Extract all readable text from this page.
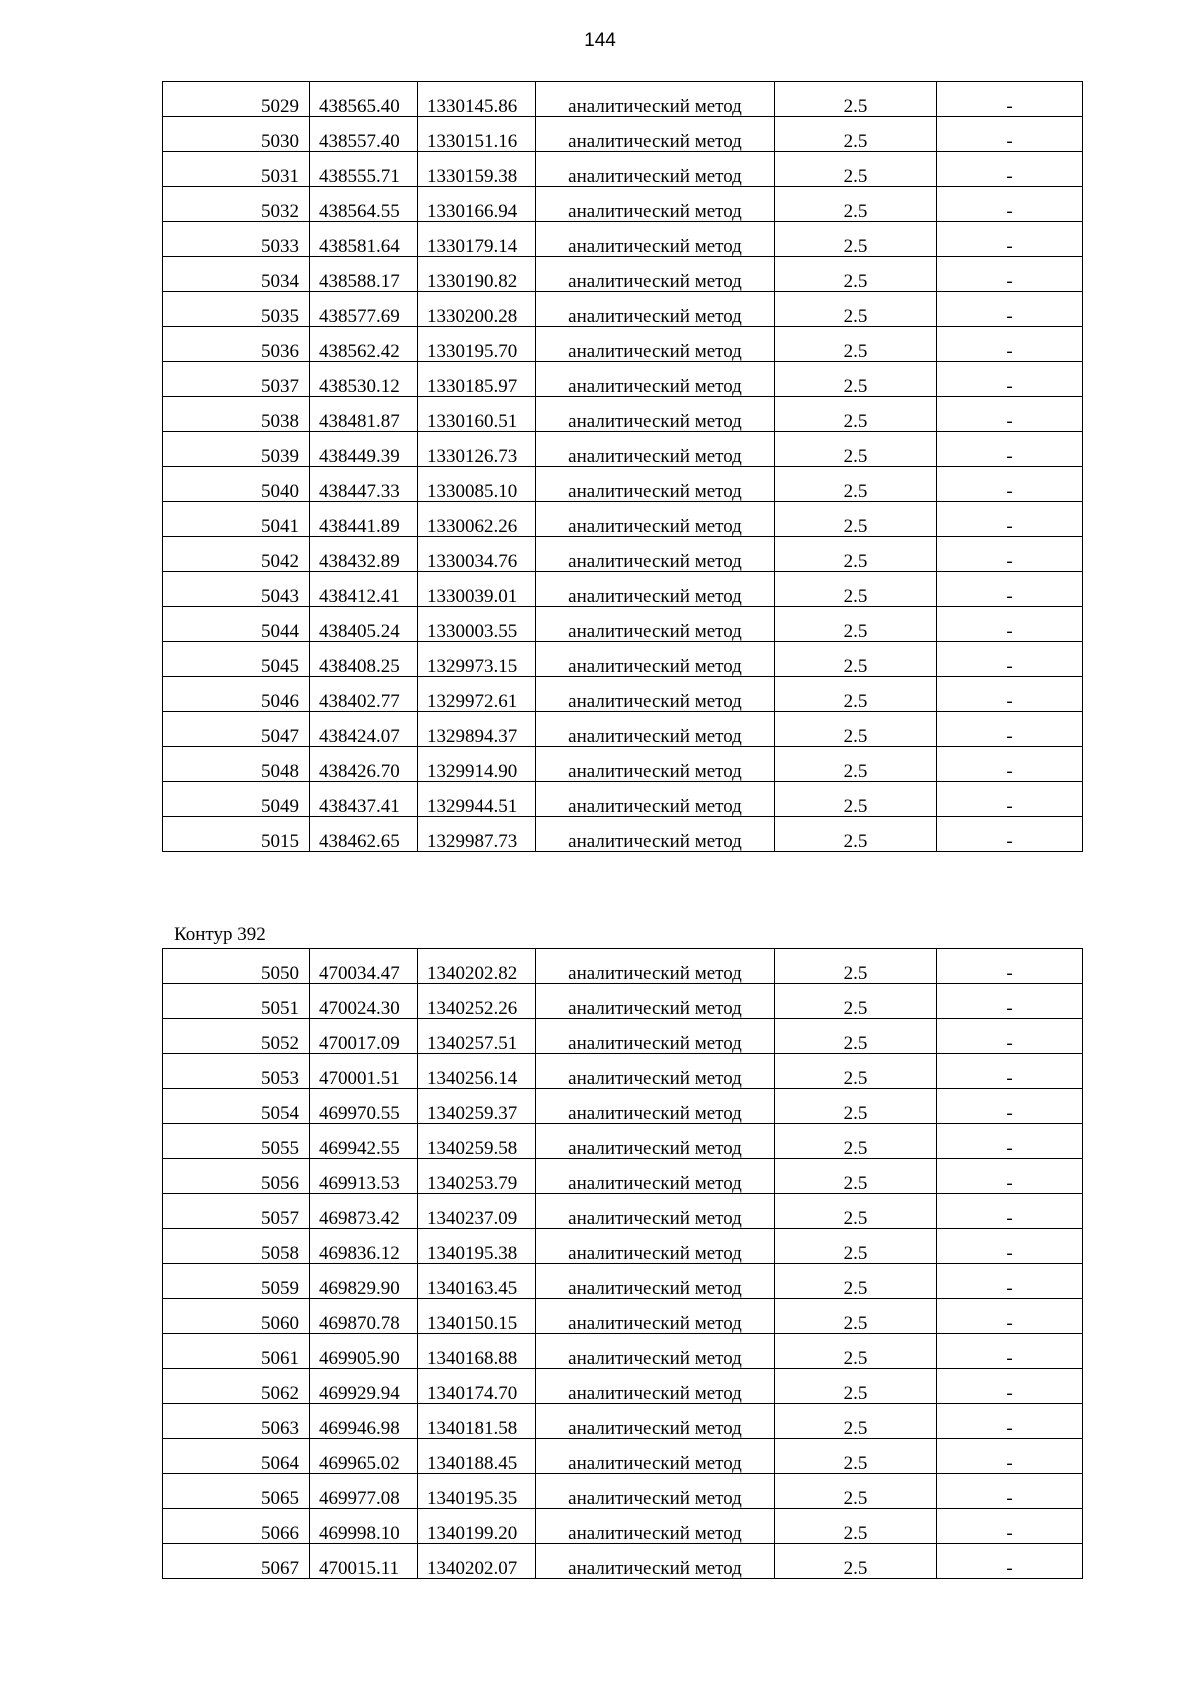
144
5029	438565.40	1330145.86	аналитический метод	2.5	-
5030	438557.40	1330151.16	аналитический метод	2.5	-
5031	438555.71	1330159.38	аналитический метод	2.5	-
5032	438564.55	1330166.94	аналитический метод	2.5	-
5033	438581.64	1330179.14	аналитический метод	2.5	-
5034	438588.17	1330190.82	аналитический метод	2.5	-
5035	438577.69	1330200.28	аналитический метод	2.5	-
5036	438562.42	1330195.70	аналитический метод	2.5	-
5037	438530.12	1330185.97	аналитический метод	2.5	-
5038	438481.87	1330160.51	аналитический метод	2.5	-
5039	438449.39	1330126.73	аналитический метод	2.5	-
5040	438447.33	1330085.10	аналитический метод	2.5	-
5041	438441.89	1330062.26	аналитический метод	2.5	-
5042	438432.89	1330034.76	аналитический метод	2.5	-
5043	438412.41	1330039.01	аналитический метод	2.5	-
5044	438405.24	1330003.55	аналитический метод	2.5	-
5045	438408.25	1329973.15	аналитический метод	2.5	-
5046	438402.77	1329972.61	аналитический метод	2.5	-
5047	438424.07	1329894.37	аналитический метод	2.5	-
5048	438426.70	1329914.90	аналитический метод	2.5	-
5049	438437.41	1329944.51	аналитический метод	2.5	-
5015	438462.65	1329987.73	аналитический метод	2.5	-
Контур 392
5050	470034.47	1340202.82	аналитический метод	2.5	-
5051	470024.30	1340252.26	аналитический метод	2.5	-
5052	470017.09	1340257.51	аналитический метод	2.5	-
5053	470001.51	1340256.14	аналитический метод	2.5	-
5054	469970.55	1340259.37	аналитический метод	2.5	-
5055	469942.55	1340259.58	аналитический метод	2.5	-
5056	469913.53	1340253.79	аналитический метод	2.5	-
5057	469873.42	1340237.09	аналитический метод	2.5	-
5058	469836.12	1340195.38	аналитический метод	2.5	-
5059	469829.90	1340163.45	аналитический метод	2.5	-
5060	469870.78	1340150.15	аналитический метод	2.5	-
5061	469905.90	1340168.88	аналитический метод	2.5	-
5062	469929.94	1340174.70	аналитический метод	2.5	-
5063	469946.98	1340181.58	аналитический метод	2.5	-
5064	469965.02	1340188.45	аналитический метод	2.5	-
5065	469977.08	1340195.35	аналитический метод	2.5	-
5066	469998.10	1340199.20	аналитический метод	2.5	-
5067	470015.11	1340202.07	аналитический метод	2.5	-
